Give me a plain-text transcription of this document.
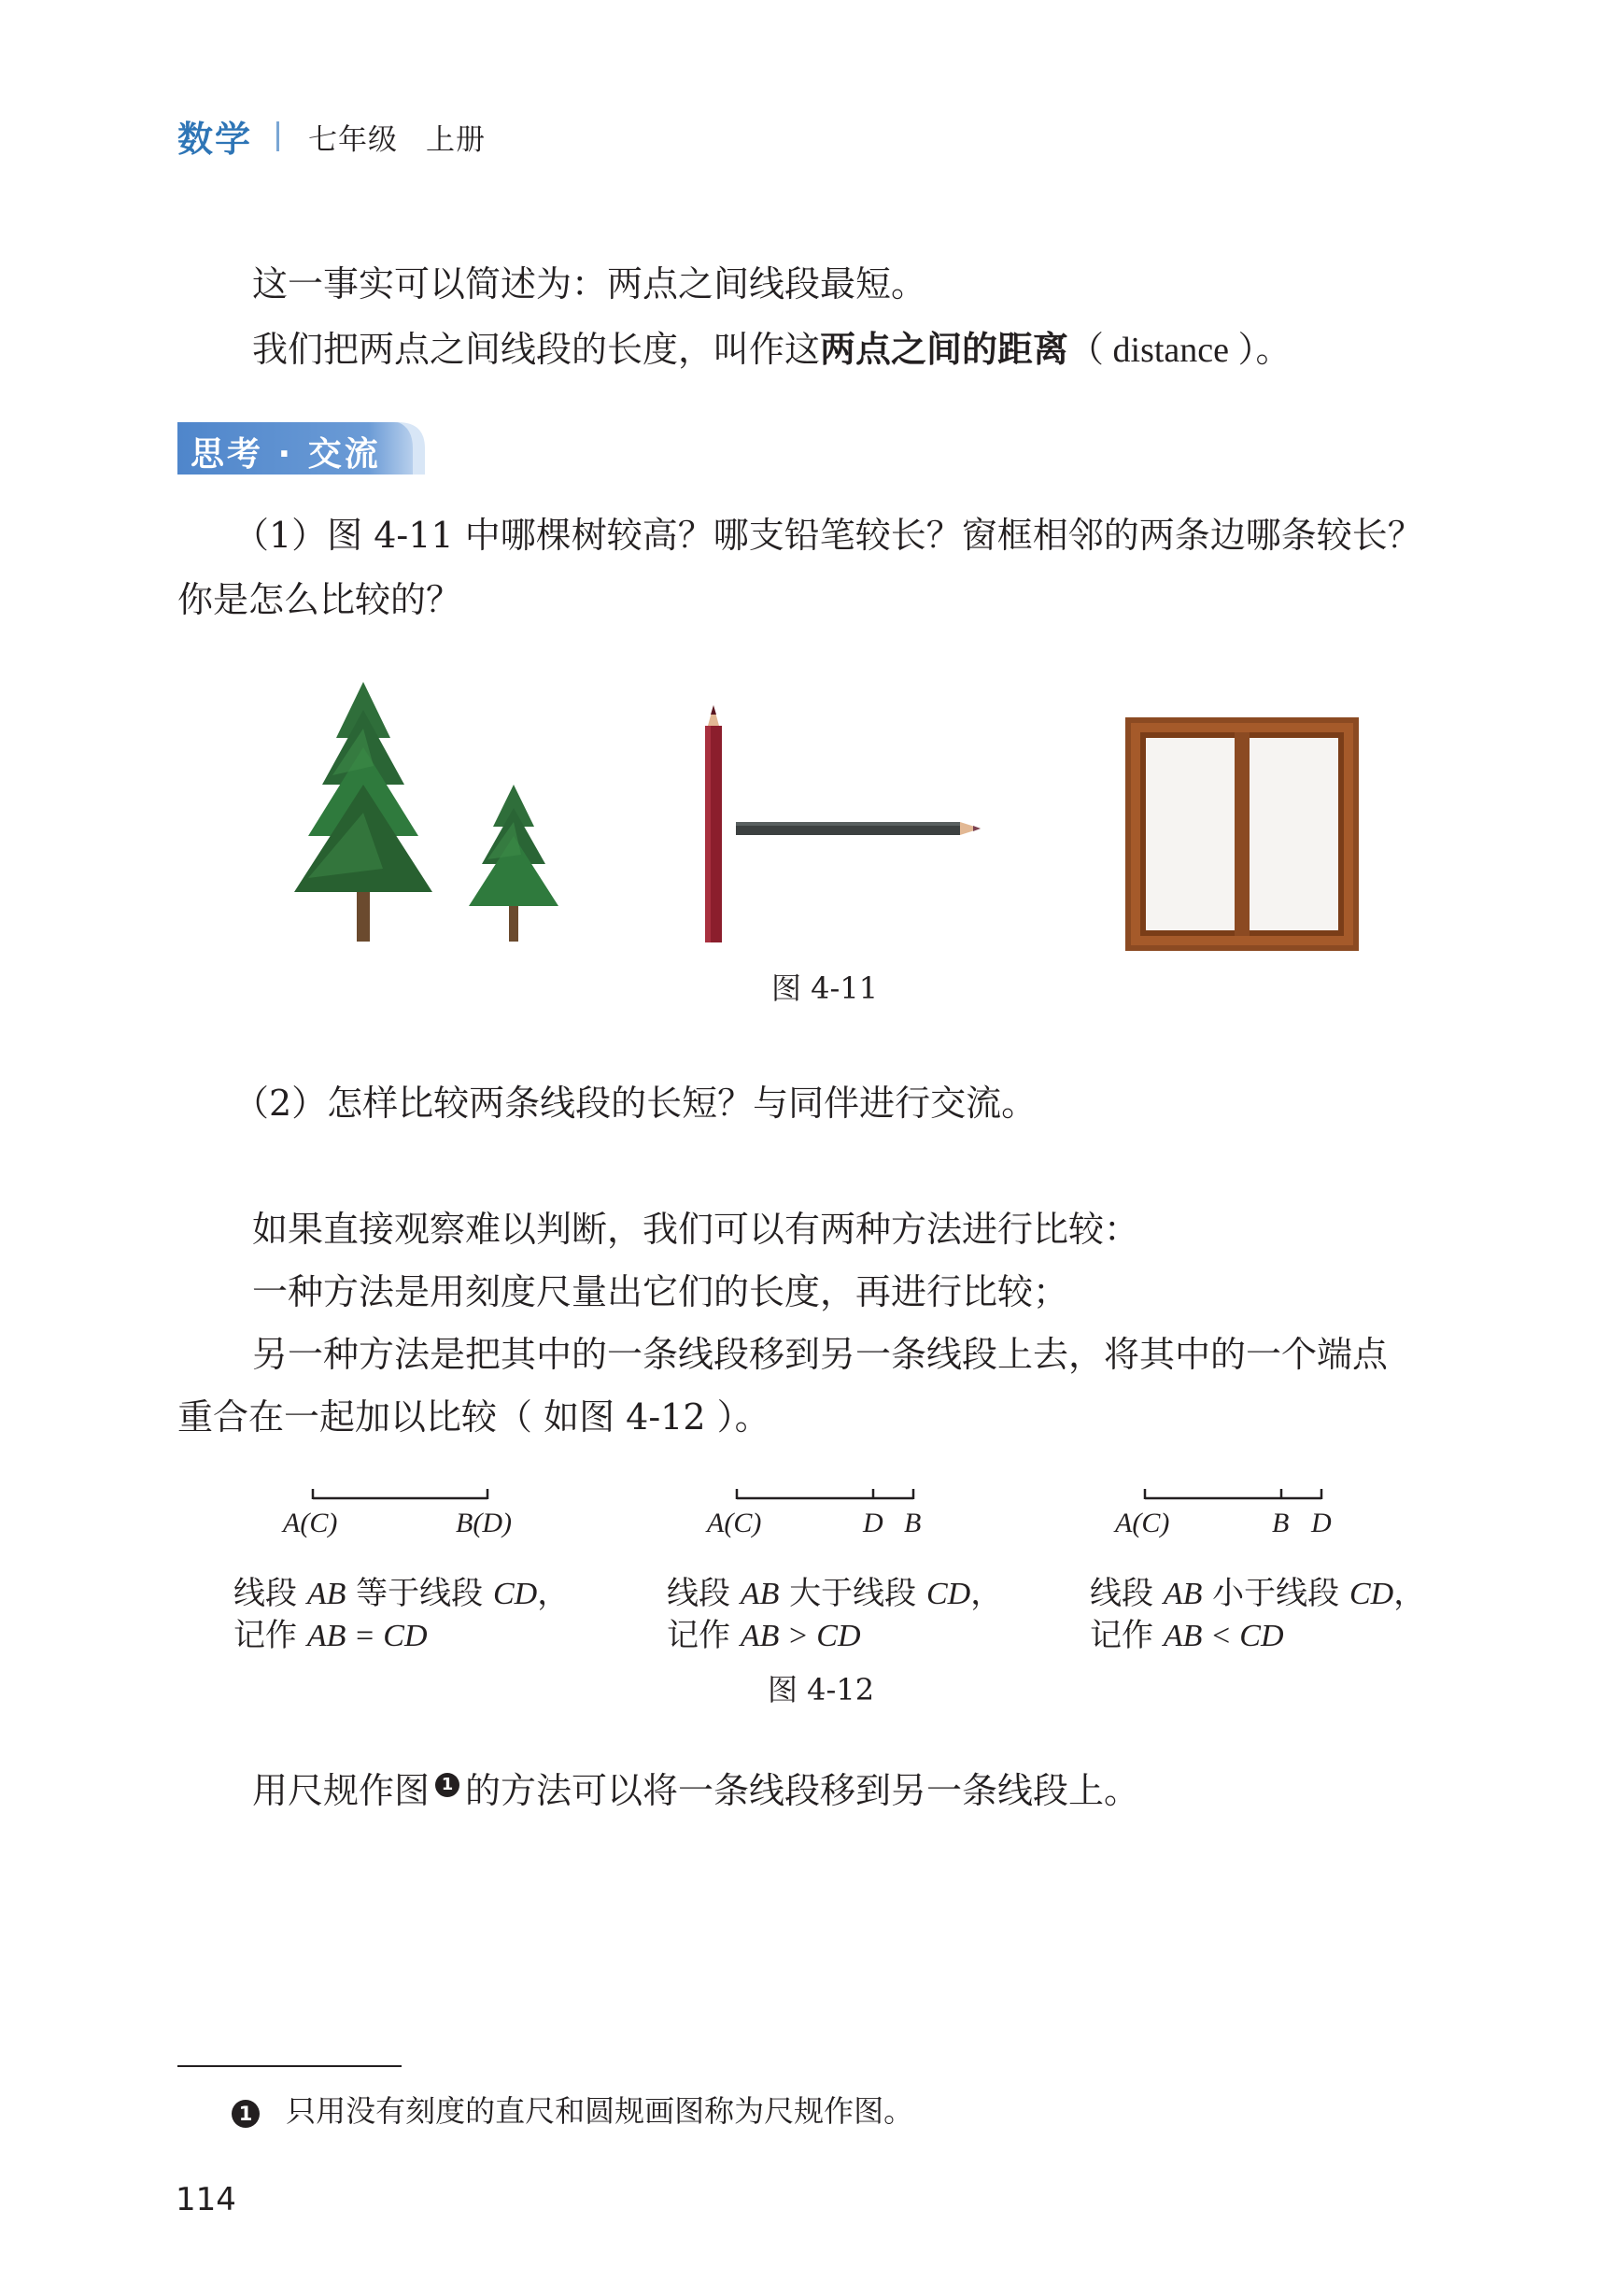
数学 七年级 上册
这一事实可以简述为：两点之间线段最短。
我们把两点之间线段的长度，叫作这两点之间的距离（ distance ）。
思考 · 交流
（1）图 4-11 中哪棵树较高？哪支铅笔较长？窗框相邻的两条边哪条较长？
你是怎么比较的？
图 4-11
（2）怎样比较两条线段的长短？与同伴进行交流。
如果直接观察难以判断，我们可以有两种方法进行比较：
一种方法是用刻度尺量出它们的长度，再进行比较；
另一种方法是把其中的一条线段移到另一条线段上去，将其中的一个端点
重合在一起加以比较（ 如图 4-12 ）。
A(C)	B(D)	A(C)	D B	A(C)	B D
线段 AB 等于线段 CD，
记作 AB = CD
线段 AB 大于线段 CD，
记作 AB > CD
线段 AB 小于线段 CD，
记作 AB < CD
图 4-12
用尺规作图 1 的方法可以将一条线段移到另一条线段上。
1 只用没有刻度的直尺和圆规画图称为尺规作图。
114
